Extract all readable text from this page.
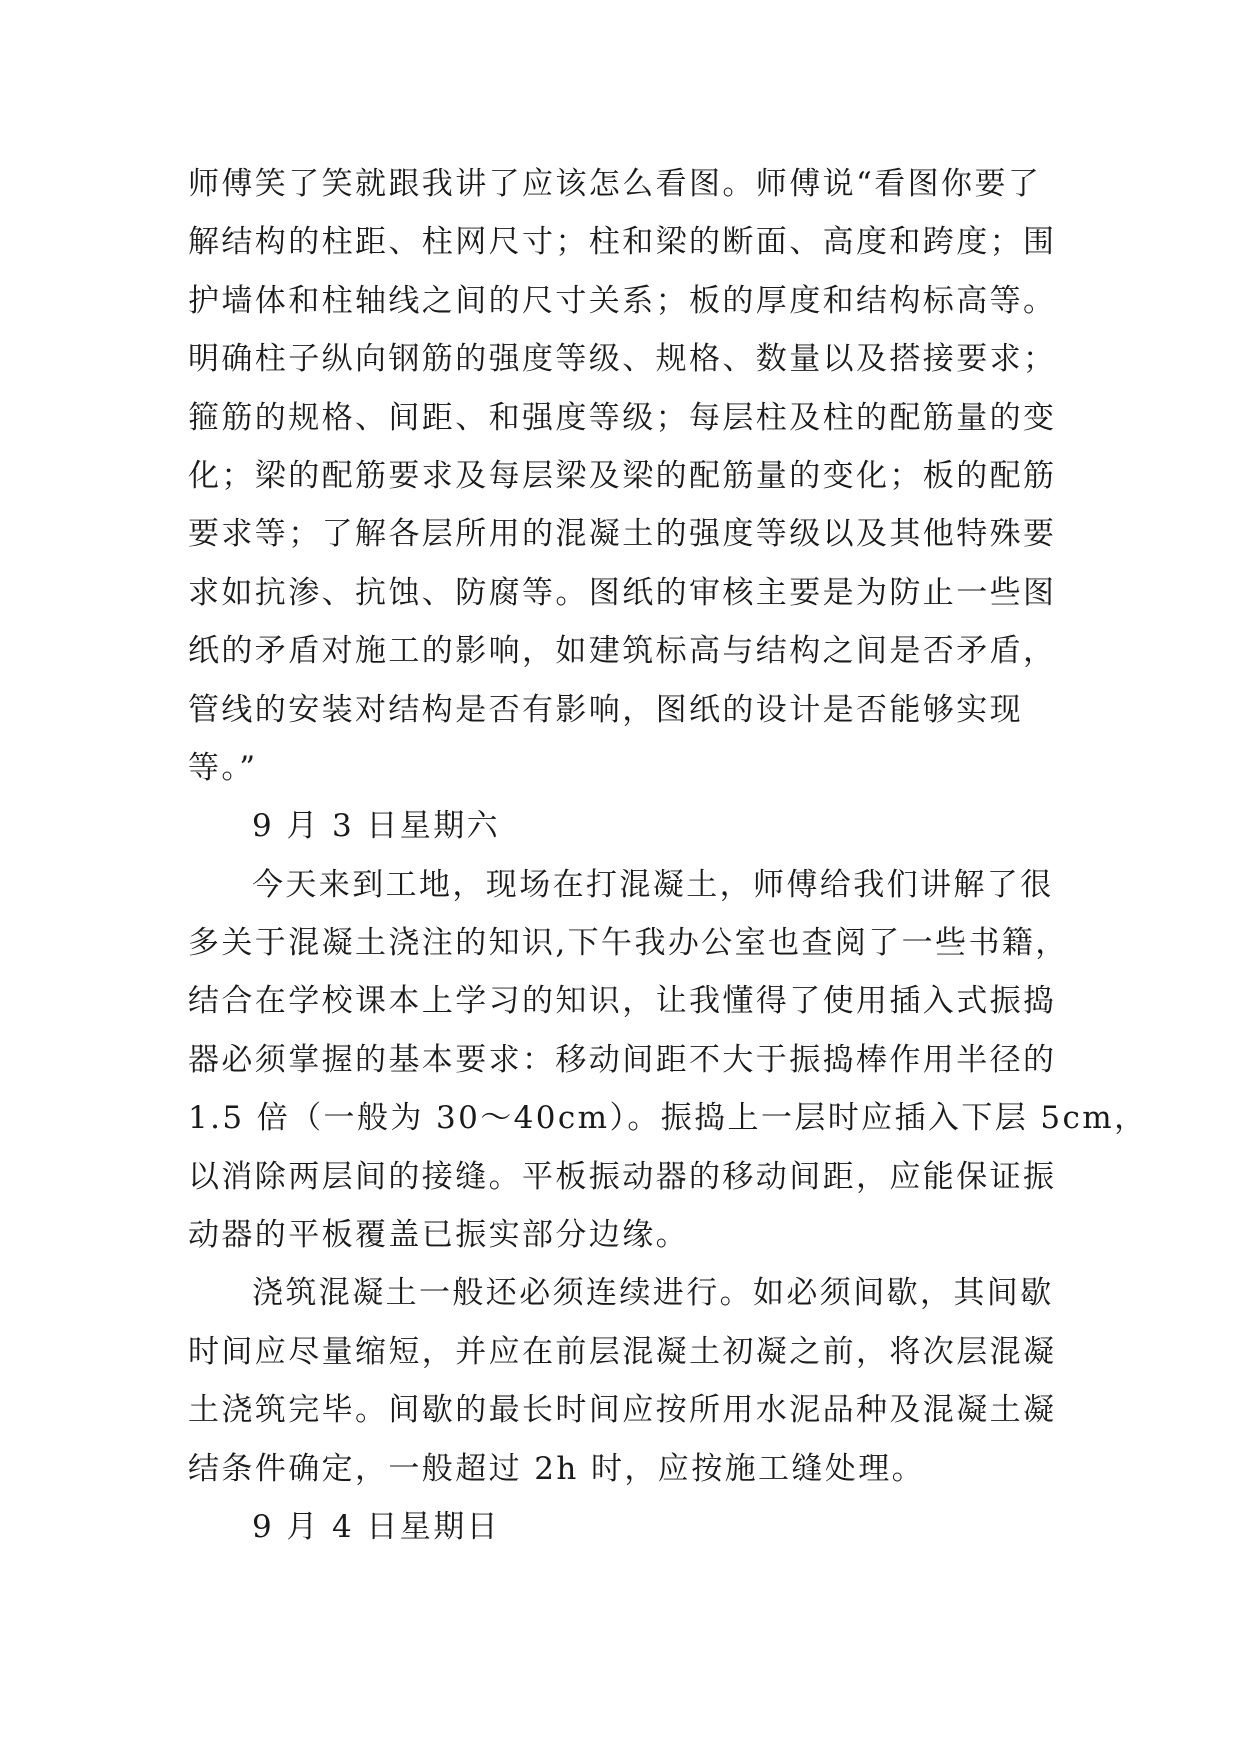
师傅笑了笑就跟我讲了应该怎么看图。师傅说“看图你要了
解结构的柱距、柱网尺寸；柱和梁的断面、高度和跨度；围
护墙体和柱轴线之间的尺寸关系；板的厚度和结构标高等。
明确柱子纵向钢筋的强度等级、规格、数量以及搭接要求；
箍筋的规格、间距、和强度等级；每层柱及柱的配筋量的变
化；梁的配筋要求及每层梁及梁的配筋量的变化；板的配筋
要求等；了解各层所用的混凝土的强度等级以及其他特殊要
求如抗渗、抗蚀、防腐等。图纸的审核主要是为防止一些图
纸的矛盾对施工的影响，如建筑标高与结构之间是否矛盾，
管线的安装对结构是否有影响，图纸的设计是否能够实现
等。”
9 月 3 日星期六
今天来到工地，现场在打混凝土，师傅给我们讲解了很
多关于混凝土浇注的知识,下午我办公室也查阅了一些书籍，
结合在学校课本上学习的知识，让我懂得了使用插入式振捣
器必须掌握的基本要求：移动间距不大于振捣棒作用半径的
1.5 倍（一般为 30～40cm）。振捣上一层时应插入下层 5cm，
以消除两层间的接缝。平板振动器的移动间距，应能保证振
动器的平板覆盖已振实部分边缘。
浇筑混凝土一般还必须连续进行。如必须间歇，其间歇
时间应尽量缩短，并应在前层混凝土初凝之前，将次层混凝
土浇筑完毕。间歇的最长时间应按所用水泥品种及混凝土凝
结条件确定，一般超过 2h 时，应按施工缝处理。
9 月 4 日星期日
